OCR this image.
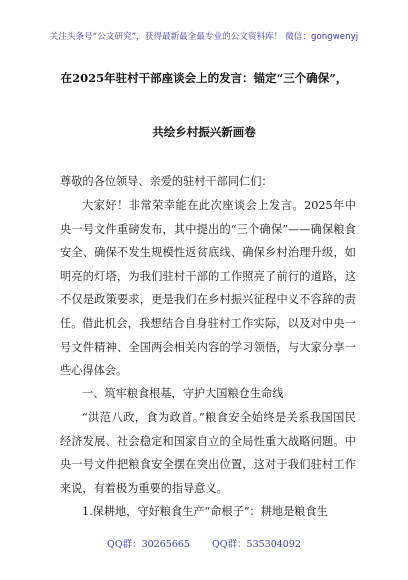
关注头条号“公文研究”，获得最新最全最专业的公文资料库！ 微信：gongwenyj
在2025年驻村干部座谈会上的发言：锚定“三个确保”，
共绘乡村振兴新画卷
尊敬的各位领导、亲爱的驻村干部同仁们：
大家好！非常荣幸能在此次座谈会上发言。2025年中央一号文件重磅发布，其中提出的“三个确保”——确保粮食安全、确保不发生规模性返贫底线、确保乡村治理升级，如明亮的灯塔，为我们驻村干部的工作照亮了前行的道路，这不仅是政策要求，更是我们在乡村振兴征程中义不容辞的责任。 借此机会，我想结合自身驻村工作实际，以及对中央一号文件精神、全国两会相关内容的学习领悟，与大家分享一些心得体会。
一、筑牢粮食根基，守护大国粮仓生命线
“洪范八政，食为政首。”粮食安全始终是关系我国国民经济发展、社会稳定和国家自立的全局性重大战略问题。中央一号文件把粮食安全摆在突出位置，这对于我们驻村工作来说，有着极为重要的指导意义。
1.保耕地，守好粮食生产“命根子”：耕地是粮食生
QQ群：30265665 QQ群：535304092
